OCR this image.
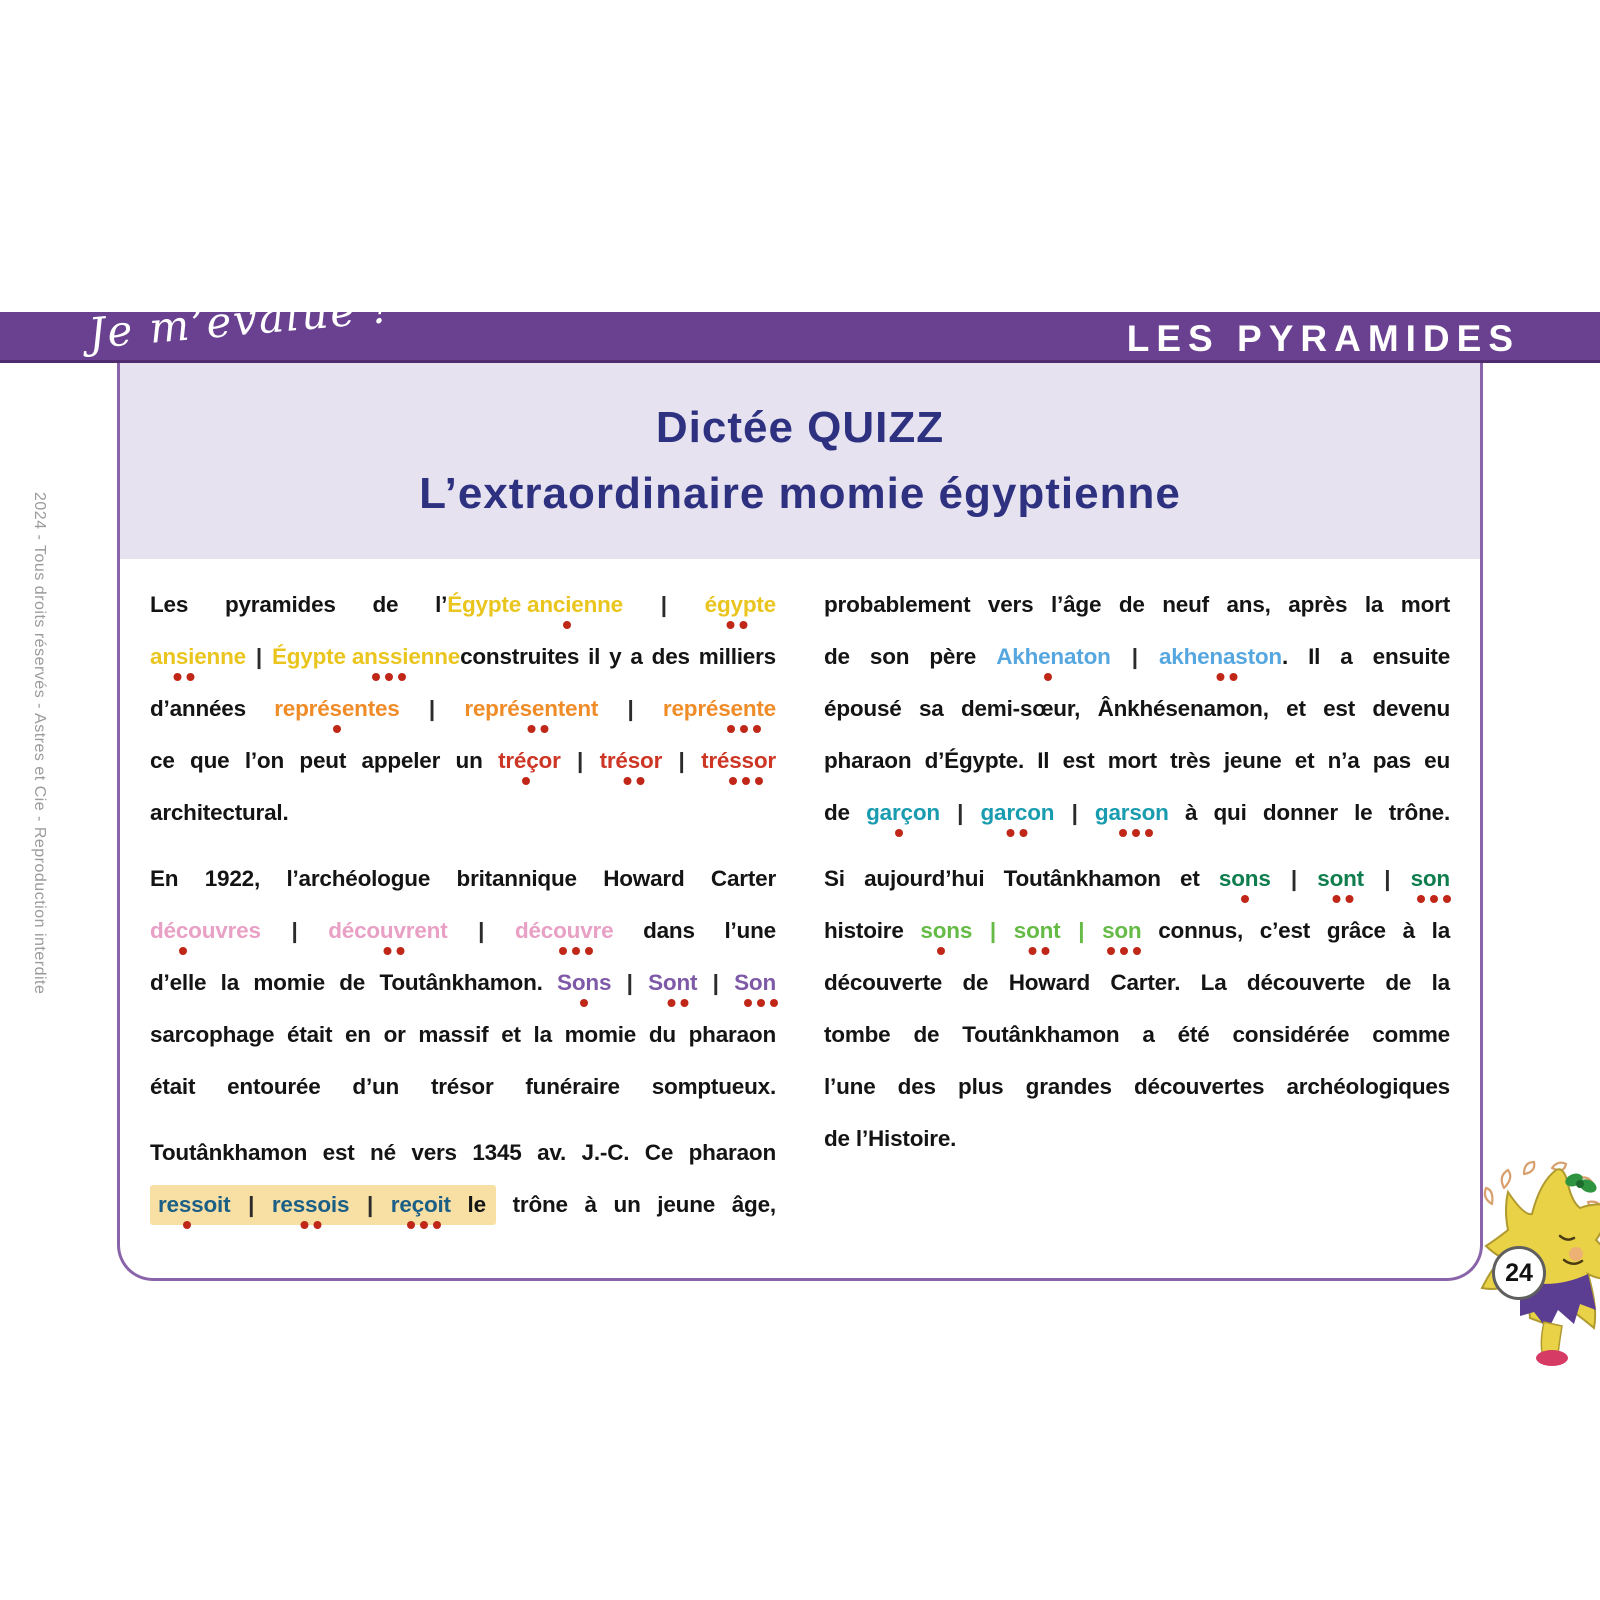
Je m’évalue !	LES PYRAMIDES
2024 - Tous droits réservés - Astres et Cie - Reproduction interdite
Dictée QUIZZ
L’extraordinaire momie égyptienne
Les pyramides de l’Égypte ancienne | égypte
ansienne | Égypte anssienne
construites il y a des milliers
d’années représentes | représentent | représente
ce que l’on peut appeler un tréçor | trésor | tréssor
architectural.
En 1922, l’archéologue britannique Howard Carter
découvres | découvrent | découvre dans l’une
d’elle la momie de Toutânkhamon. Sons | Sont | Son
sarcophage était en or massif et la momie du pharaon
était entourée d’un trésor funéraire somptueux.
Toutânkhamon est né vers 1345 av. J.-C. Ce pharaon
ressoit | ressois | reçoit le trône à un jeune âge,
probablement vers l’âge de neuf ans, après la mort
de son père Akhenaton | akhenaston
. Il a ensuite
épousé sa demi-sœur, Ânkhésenamon, et est devenu
pharaon d’Égypte. Il est mort très jeune et n’a pas eu
de garçon | garcon | garson à qui donner le trône.
Si aujourd’hui Toutânkhamon et sons | sont | son
histoire sons | sont | son connus, c’est grâce à la
découverte de Howard Carter. La découverte de la
tombe de Toutânkhamon a été considérée comme
l’une des plus grandes découvertes archéologiques
de l’Histoire.
24
